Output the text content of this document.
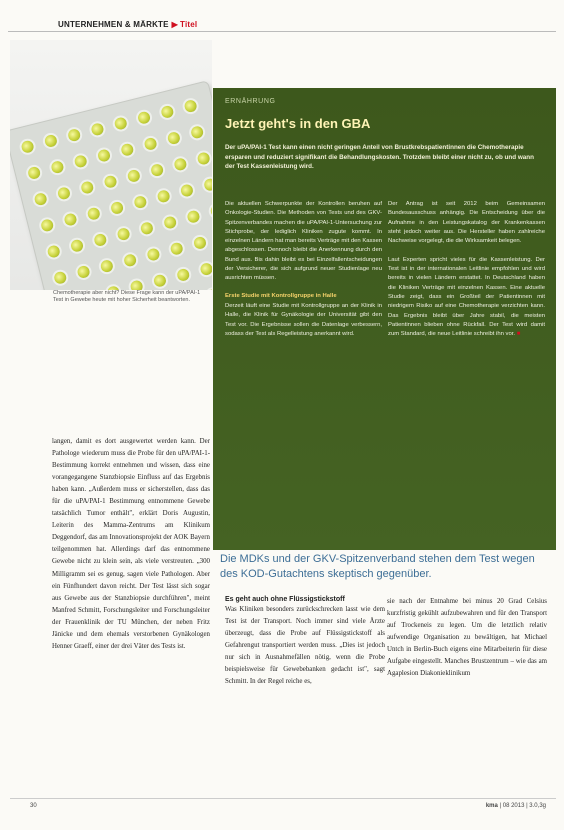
UNTERNEHMEN & MÄRKTE ▶ Titel
Chemotherapie aber nicht? Diese Frage kann der uPA/PAI-1 Test in Gewebe heute mit hoher Sicherheit beantworten.
ERNÄHRUNG
Jetzt geht's in den GBA
Der uPA/PAI-1 Test kann einen nicht geringen Anteil von Brustkrebspatientinnen die Chemotherapie ersparen und reduziert signifikant die Behandlungskosten. Trotzdem bleibt einer nicht zu, ob und wann der Test Kassenleistung wird.
Die aktuellen Schwerpunkte der Kontrollen beruhen auf Onkologie-Studien. Die Methoden von Tests und des GKV-Spitzenverbandes machen die uPA/PAI-1-Untersuchung zur Stichprobe, der lediglich Kliniken zugute kommt. In einzelnen Ländern hat man bereits Verträge mit den Kassen abgeschlossen. Dennoch bleibt die Anerkennung durch den Bund aus. Bis dahin bleibt es bei Einzelfallentscheidungen der Versicherer, die sich aufgrund neuer Studienlage neu ausrichten müssen.
Erste Studie mit Kontrollgruppe in Halle
Derzeit läuft eine Studie mit Kontrollgruppe an der Klinik in Halle, die Klinik für Gynäkologie der Universität gibt den Test vor. Die Ergebnisse sollen die Datenlage verbessern, sodass der Test als Regelleistung anerkannt wird.
Der Antrag ist seit 2012 beim Gemeinsamen Bundesausschuss anhängig. Die Entscheidung über die Aufnahme in den Leistungskatalog der Krankenkassen steht jedoch weiter aus. Die Hersteller haben zahlreiche Nachweise vorgelegt, die die Wirksamkeit belegen.

Laut Experten spricht vieles für die Kassenleistung. Der Test ist in der internationalen Leitlinie empfohlen und wird bereits in vielen Ländern erstattet. In Deutschland haben die Kliniken Verträge mit einzelnen Kassen. Eine aktuelle Studie zeigt, dass ein Großteil der Patientinnen mit niedrigem Risiko auf eine Chemotherapie verzichten kann. Das Ergebnis bleibt über Jahre stabil, die meisten Patientinnen blieben ohne Rückfall. Der Test wird damit zum Standard, die neue Leitlinie schreibt ihn vor. ■
langen, damit es dort ausgewertet werden kann. Der Pathologe wiederum muss die Probe für den uPA/PAI-1-Bestimmung korrekt entnehmen und wissen, dass eine vorangegangene Stanzbiopsie Einfluss auf das Ergebnis haben kann. „Außerdem muss er sicherstellen, dass das für die uPA/PAI-1 Bestimmung entnommene Gewebe tatsächlich Tumor enthält", erklärt Doris Augustin, Leiterin des Mamma-Zentrums am Klinikum Deggendorf, das am Innovationsprojekt der AOK Bayern teilgenommen hat. Allerdings darf das entnommene Gewebe nicht zu klein sein, als viele verstreuten. „300 Milligramm sei es genug, sagen viele Pathologen. Aber ein Fünfhundert davon reicht. Der Test lässt sich sogar aus Gewebe aus der Stanzbiopsie durchführen", meint Manfred Schmitt, Forschungsleiter und Forschungsleiter der Frauenklinik der TU München, der neben Fritz Jänicke und dem ehemals verstorbenen Gynäkologen Henner Graeff, einer der drei Väter des Tests ist.
Die MDKs und der GKV-Spitzenverband stehen dem Test wegen des KOD-Gutachtens skeptisch gegenüber.
Es geht auch ohne Flüssigstickstoff
Was Kliniken besonders zurückschrecken lasst wie dem Test ist der Transport. Noch immer sind viele Ärzte überzeugt, dass die Probe auf Flüssigstickstoff als Gefahrengut transportiert werden muss. „Dies ist jedoch nur sich in Ausnahmefällen nötig, wenn die Probe beispielsweise für Gewebebanken gedacht ist", sagt Schmitt. In der Regel reiche es,
sie nach der Entnahme bei minus 20 Grad Celsius kurzfristig gekühlt aufzubewahren und für den Transport auf Trockeneis zu legen. Um die letztlich relativ aufwendige Organisation zu bewältigen, hat Michael Untch in Berlin-Buch eigens eine Mitarbeiterin für diese Aufgabe eingestellt. Manches Brustzentrum – wie das am Agaplesion Diakonieklinikum
30	kma | 08 2013 | 3.0,3g
